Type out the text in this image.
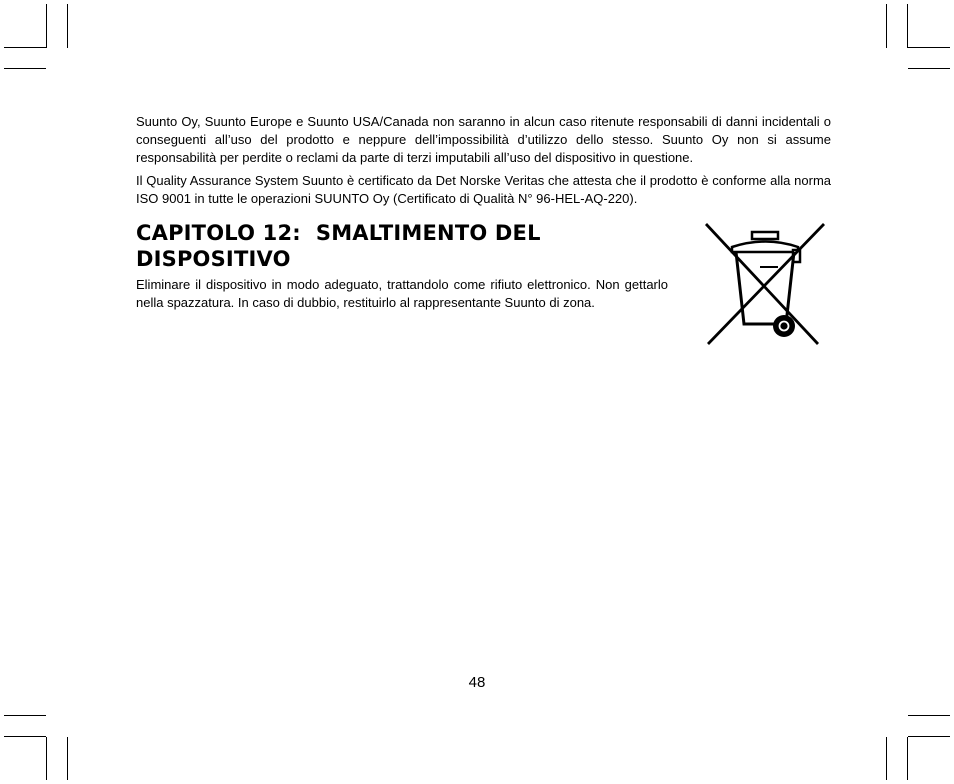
Suunto Oy, Suunto Europe e Suunto USA/Canada non saranno in alcun caso ritenute responsabili di danni incidentali o conseguenti all’uso del prodotto e neppure dell’impossibilità d’utilizzo dello stesso. Suunto Oy non si assume responsabilità per perdite o reclami da parte di terzi imputabili all’uso del dispositivo in questione.

Il Quality Assurance System Suunto è certificato da Det Norske Veritas che attesta che il prodotto è conforme alla norma ISO 9001 in tutte le operazioni SUUNTO Oy (Certificato di Qualità N° 96-HEL-AQ-220).

CAPITOLO 12:  SMALTIMENTO DEL
DISPOSITIVO

Eliminare il dispositivo in modo adeguato, trattandolo come rifiuto elettronico. Non gettarlo nella spazzatura. In caso di dubbio, restituirlo al rappresentante Suunto di zona.

48
